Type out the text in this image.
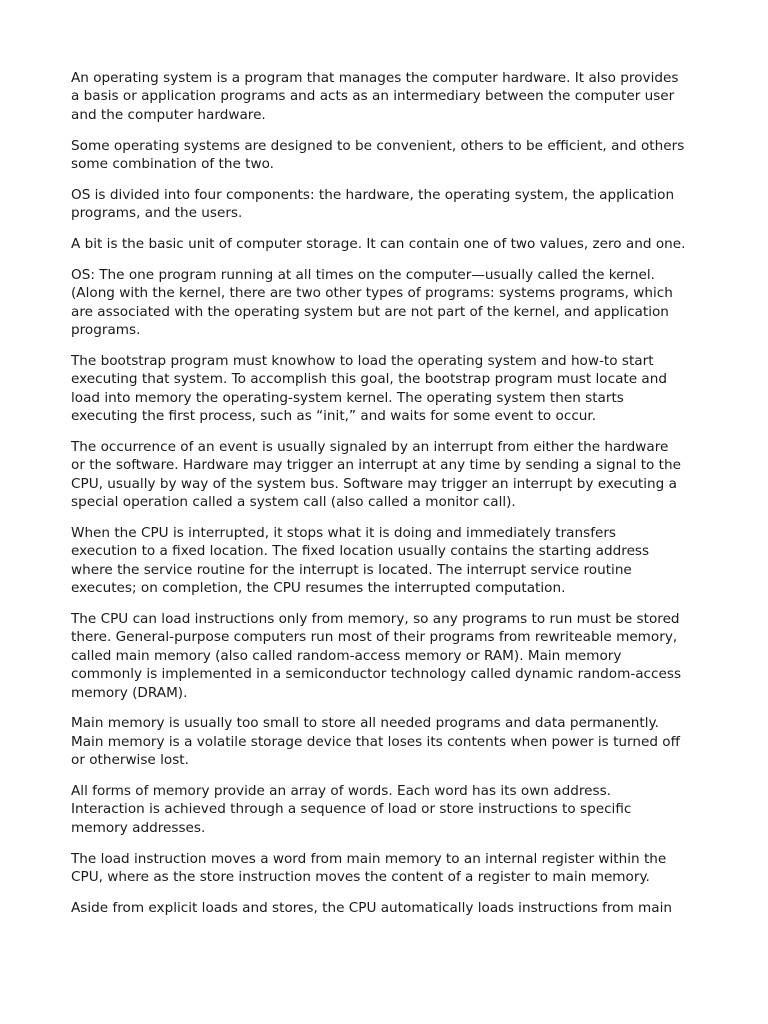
An operating system is a program that manages the computer hardware. It also provides
a basis or application programs and acts as an intermediary between the computer user
and the computer hardware.

Some operating systems are designed to be convenient, others to be efficient, and others
some combination of the two.

OS is divided into four components: the hardware, the operating system, the application
programs, and the users.

A bit is the basic unit of computer storage. It can contain one of two values, zero and one.

OS: The one program running at all times on the computer—usually called the kernel.
(Along with the kernel, there are two other types of programs: systems programs, which
are associated with the operating system but are not part of the kernel, and application
programs.

The bootstrap program must knowhow to load the operating system and how-to start
executing that system. To accomplish this goal, the bootstrap program must locate and
load into memory the operating-system kernel. The operating system then starts
executing the first process, such as “init,” and waits for some event to occur.

The occurrence of an event is usually signaled by an interrupt from either the hardware
or the software. Hardware may trigger an interrupt at any time by sending a signal to the
CPU, usually by way of the system bus. Software may trigger an interrupt by executing a
special operation called a system call (also called a monitor call).

When the CPU is interrupted, it stops what it is doing and immediately transfers
execution to a fixed location. The fixed location usually contains the starting address
where the service routine for the interrupt is located. The interrupt service routine
executes; on completion, the CPU resumes the interrupted computation.

The CPU can load instructions only from memory, so any programs to run must be stored
there. General-purpose computers run most of their programs from rewriteable memory,
called main memory (also called random-access memory or RAM). Main memory
commonly is implemented in a semiconductor technology called dynamic random-access
memory (DRAM).

Main memory is usually too small to store all needed programs and data permanently.
Main memory is a volatile storage device that loses its contents when power is turned off
or otherwise lost.

All forms of memory provide an array of words. Each word has its own address.
Interaction is achieved through a sequence of load or store instructions to specific
memory addresses.

The load instruction moves a word from main memory to an internal register within the
CPU, where as the store instruction moves the content of a register to main memory.

Aside from explicit loads and stores, the CPU automatically loads instructions from main
